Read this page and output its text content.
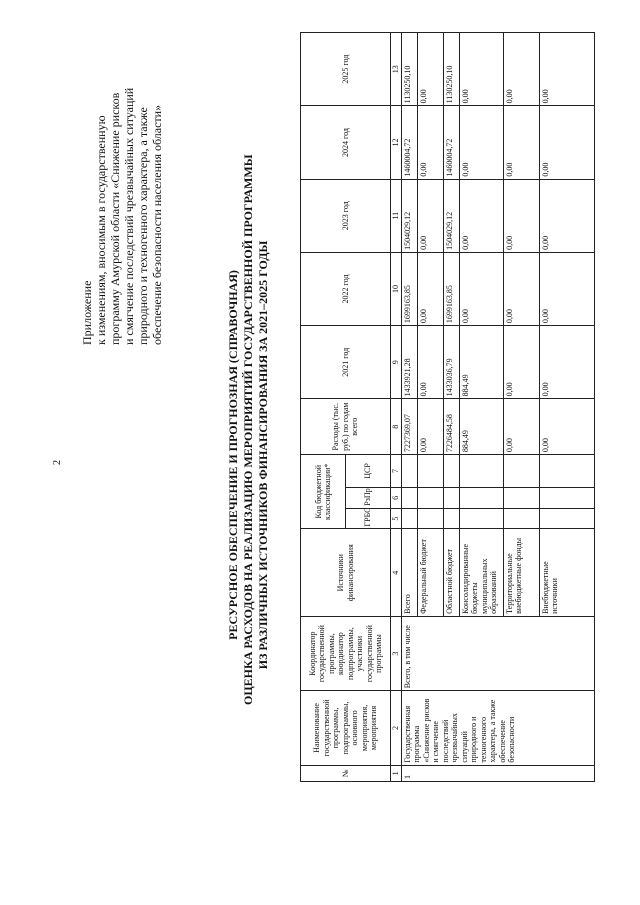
2

Приложение к изменениям, вносимым в государственную программу Амурской области «Снижение рисков и смягчение последствий чрезвычайных ситуаций природного и техногенного характера, а также обеспечение безопасности населения области»

РЕСУРСНОЕ ОБЕСПЕЧЕНИЕ И ПРОГНОЗНАЯ (СПРАВОЧНАЯ) ОЦЕНКА РАСХОДОВ НА РЕАЛИЗАЦИЮ МЕРОПРИЯТИЙ ГОСУДАРСТВЕННОЙ ПРОГРАММЫ ИЗ РАЗЛИЧНЫХ ИСТОЧНИКОВ ФИНАНСИРОВАНИЯ ЗА 2021–2025 ГОДЫ
№	Наименование государственной программы, подпрограммы, основного мероприятия, мероприятия	Координатор государственной программы, координатор подпрограммы, участники государственной программы	Источники финансирования	Код бюджетной классификации*			Расходы (тыс. руб.) по годам всего	2021 год	2022 год	2023 год	2024 год	2025 год
				ГРБС	РзПр	ЦСР						
1	2	3	4	5	6	7	8	9	10	11	12	13
1	Государственная программа «Снижение рисков и смягчение последствий чрезвычайных ситуаций природного и техногенного характера, а также обеспечение безопасности	Всего, в том числе	Всего				7227369,07	1433921,28	1699163,85	1504029,12	1460004,72	1130250,10
			Федеральный бюджет				0,00	0,00	0,00	0,00	0,00	0,00
			Областной бюджет				7226484,58	1433036,79	1699163,85	1504029,12	1460004,72	1130250,10
			Консолидированные бюджеты муниципальных образований				884,49	884,49	0,00	0,00	0,00	0,00
			Территориальные внебюджетные фонды				0,00	0,00	0,00	0,00	0,00	0,00
			Внебюджетные источники				0,00	0,00	0,00	0,00	0,00	0,00
